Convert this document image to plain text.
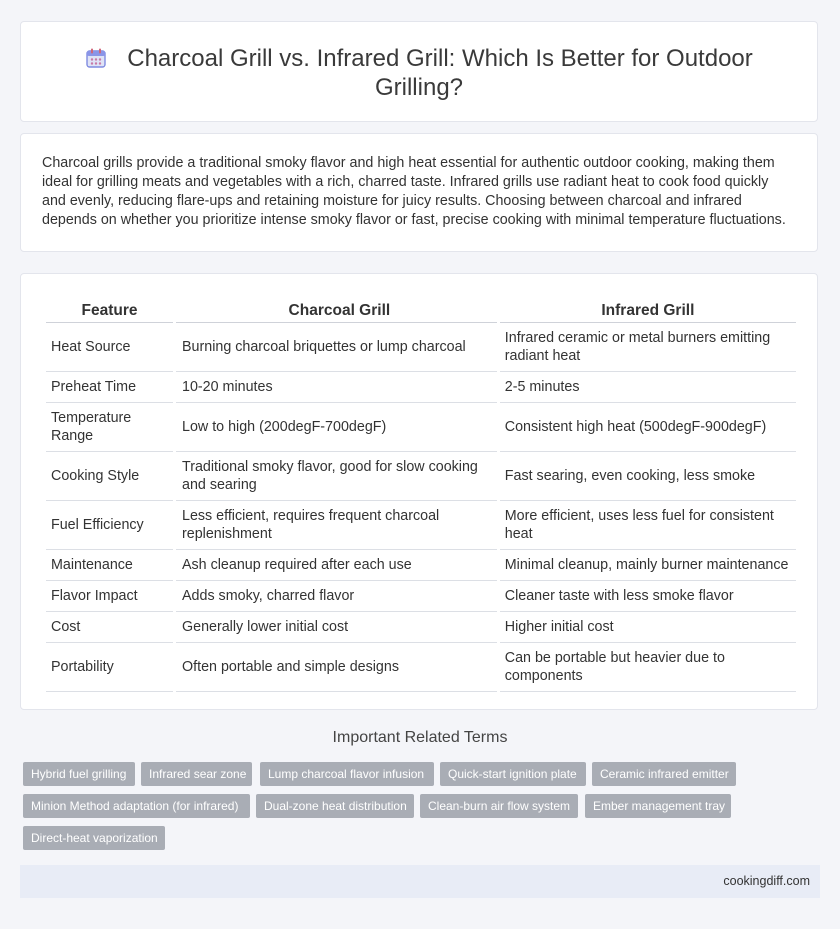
Charcoal Grill vs. Infrared Grill: Which Is Better for Outdoor Grilling?
Charcoal grills provide a traditional smoky flavor and high heat essential for authentic outdoor cooking, making them ideal for grilling meats and vegetables with a rich, charred taste. Infrared grills use radiant heat to cook food quickly and evenly, reducing flare-ups and retaining moisture for juicy results. Choosing between charcoal and infrared depends on whether you prioritize intense smoky flavor or fast, precise cooking with minimal temperature fluctuations.
Feature	Charcoal Grill	Infrared Grill
Heat Source	Burning charcoal briquettes or lump charcoal	Infrared ceramic or metal burners emitting radiant heat
Preheat Time	10-20 minutes	2-5 minutes
Temperature Range	Low to high (200degF-700degF)	Consistent high heat (500degF-900degF)
Cooking Style	Traditional smoky flavor, good for slow cooking and searing	Fast searing, even cooking, less smoke
Fuel Efficiency	Less efficient, requires frequent charcoal replenishment	More efficient, uses less fuel for consistent heat
Maintenance	Ash cleanup required after each use	Minimal cleanup, mainly burner maintenance
Flavor Impact	Adds smoky, charred flavor	Cleaner taste with less smoke flavor
Cost	Generally lower initial cost	Higher initial cost
Portability	Often portable and simple designs	Can be portable but heavier due to components
Important Related Terms
Hybrid fuel grilling	Infrared sear zone	Lump charcoal flavor infusion	Quick-start ignition plate	Ceramic infrared emitter
Minion Method adaptation (for infrared)	Dual-zone heat distribution	Clean-burn air flow system	Ember management tray
Direct-heat vaporization
cookingdiff.com
